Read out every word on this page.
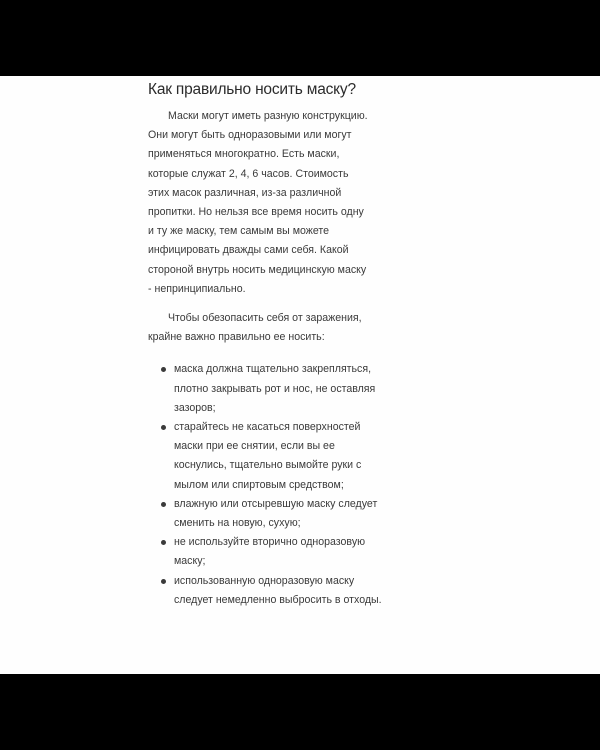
Как правильно носить маску?

Маски могут иметь разную конструкцию. Они могут быть одноразовыми или могут применяться многократно. Есть маски, которые служат 2, 4, 6 часов. Стоимость этих масок различная, из-за различной пропитки. Но нельзя все время носить одну и ту же маску, тем самым вы можете инфицировать дважды сами себя. Какой стороной внутрь носить медицинскую маску - непринципиально.

Чтобы обезопасить себя от заражения, крайне важно правильно ее носить:

маска должна тщательно закрепляться, плотно закрывать рот и нос, не оставляя зазоров;
старайтесь не касаться поверхностей маски при ее снятии, если вы ее коснулись, тщательно вымойте руки с мылом или спиртовым средством;
влажную или отсыревшую маску следует сменить на новую, сухую;
не используйте вторично одноразовую маску;
использованную одноразовую маску следует немедленно выбросить в отходы.
